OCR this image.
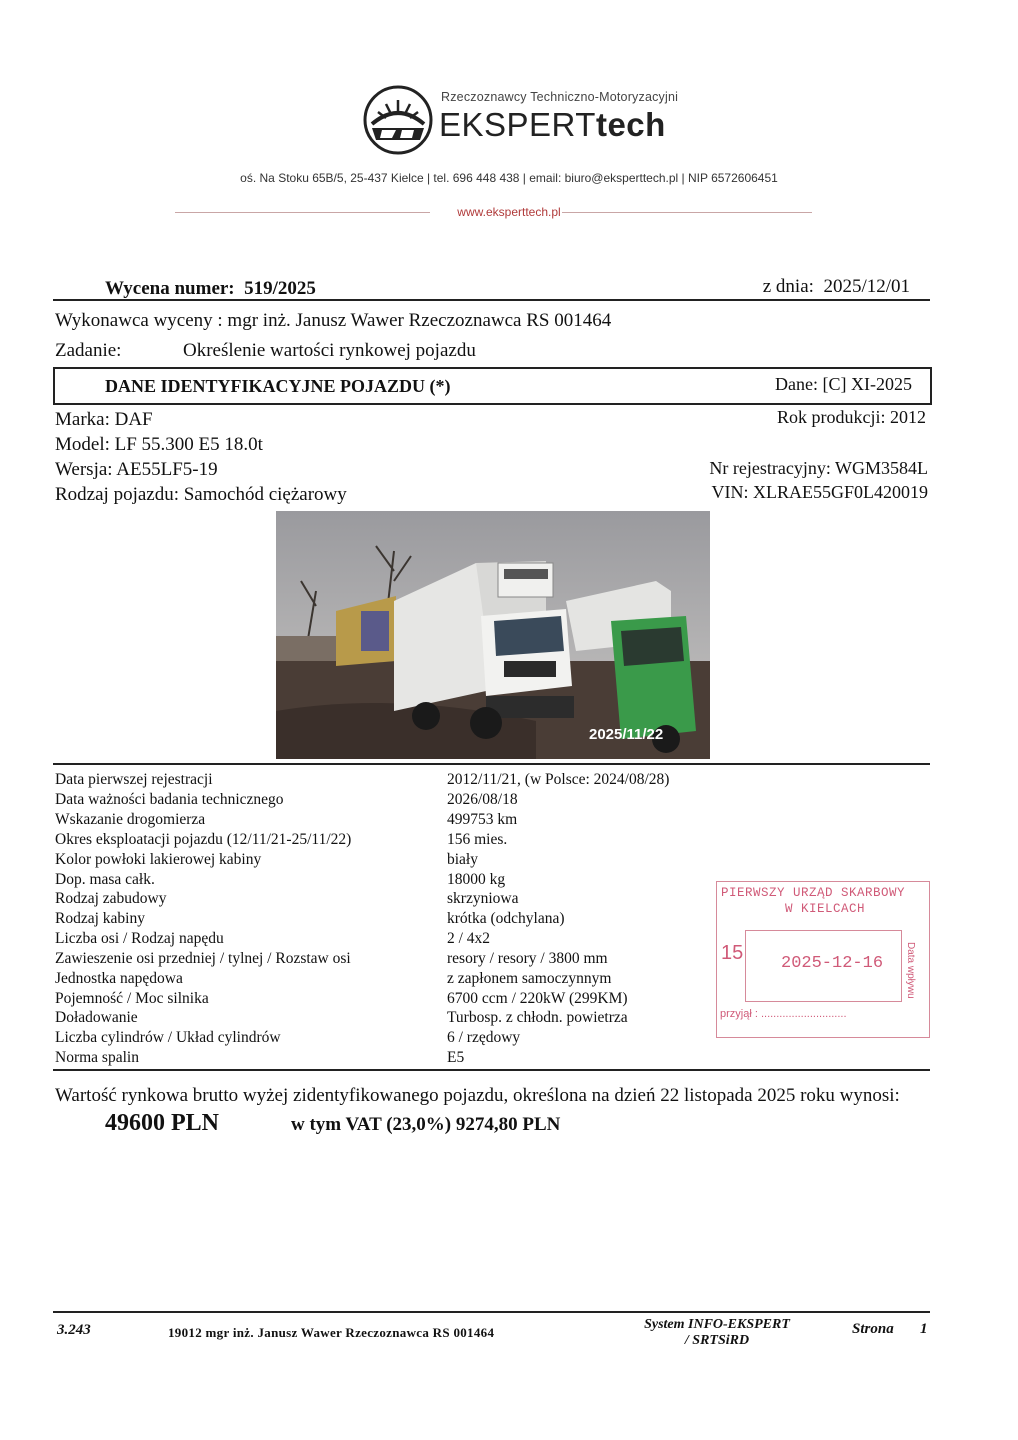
Rzeczoznawcy Techniczno-Motoryzacyjni
EKSPERTtech
oś. Na Stoku 65B/5, 25-437 Kielce | tel. 696 448 438 | email: biuro@eksperttech.pl | NIP 6572606451
www.eksperttech.pl
Wycena numer: 519/2025	z dnia: 2025/12/01
Wykonawca wyceny : mgr inż. Janusz Wawer Rzeczoznawca RS 001464
Zadanie:	Określenie wartości rynkowej pojazdu
DANE IDENTYFIKACYJNE POJAZDU (*)	Dane: [C] XI-2025
Marka: DAF
Model: LF 55.300 E5 18.0t
Wersja: AE55LF5-19
Rodzaj pojazdu: Samochód ciężarowy
Rok produkcji: 2012
Nr rejestracyjny: WGM3584L
VIN: XLRAE55GF0L420019
2025/11/22
Data pierwszej rejestracji	2012/11/21, (w Polsce: 2024/08/28)
Data ważności badania technicznego	2026/08/18
Wskazanie drogomierza	499753 km
Okres eksploatacji pojazdu (12/11/21-25/11/22)	156 mies.
Kolor powłoki lakierowej kabiny	biały
Dop. masa całk.	18000 kg
Rodzaj zabudowy	skrzyniowa
Rodzaj kabiny	krótka (odchylana)
Liczba osi / Rodzaj napędu	2 / 4x2
Zawieszenie osi przedniej / tylnej / Rozstaw osi	resory / resory / 3800 mm
Jednostka napędowa	z zapłonem samoczynnym
Pojemność / Moc silnika	6700 ccm / 220kW (299KM)
Doładowanie	Turbosp. z chłodn. powietrza
Liczba cylindrów / Układ cylindrów	6 / rzędowy
Norma spalin	E5
PIERWSZY URZĄD SKARBOWY
W KIELCACH
15 2025-12-16 Data wpływu
przyjął : ............................
Wartość rynkowa brutto wyżej zidentyfikowanego pojazdu, określona na dzień 22 listopada 2025 roku wynosi:
49600 PLN	w tym VAT (23,0%) 9274,80 PLN
3.243	19012 mgr inż. Janusz Wawer Rzeczoznawca RS 001464
System INFO-EKSPERT
/ SRTSiRD
Strona 1
